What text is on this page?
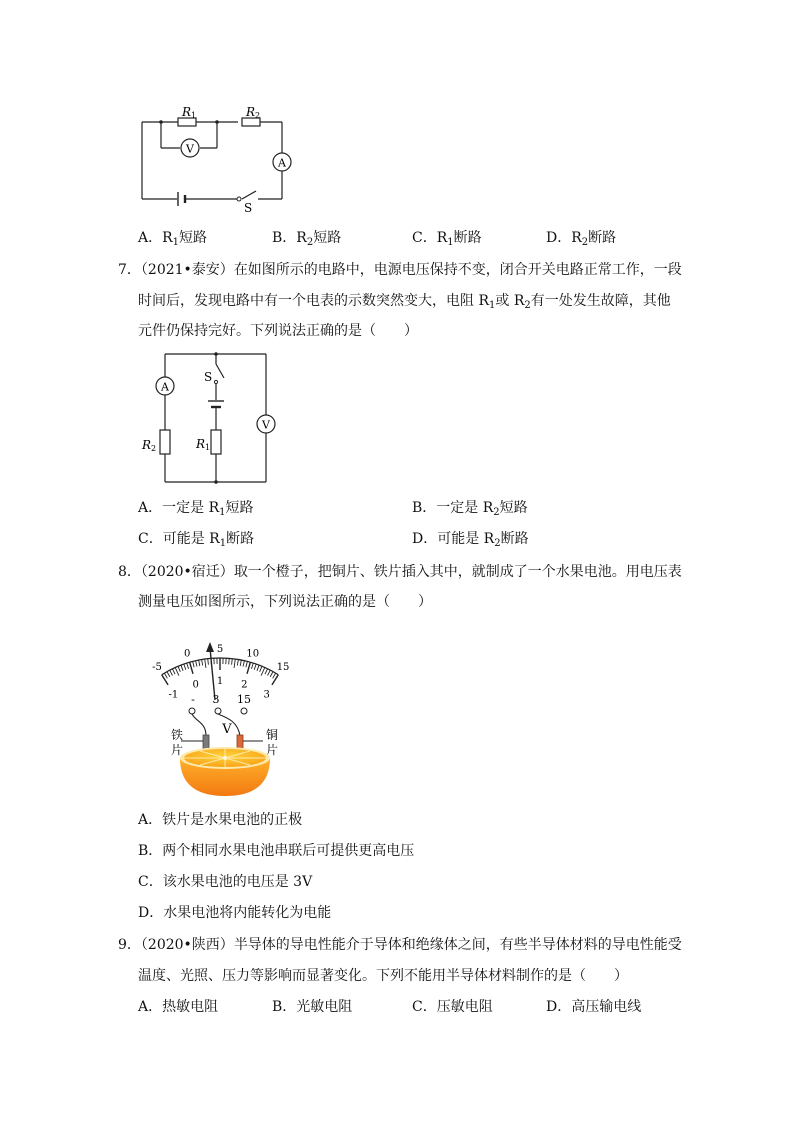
V
A
R1	R2
S
A．$R_1$短路	B．$R_2$短路	C．$R_1$断路	D．$R_2$断路
7．（2021•泰安）在如图所示的电路中，电源电压保持不变，闭合开关电路正常工作，一段
时间后，发现电路中有一个电表的示数突然变大，电阻 $R_1$或 $R_2$有一处发生故障，其他
元件仍保持完好。下列说法正确的是（　　）
A
V
S
R1
R2
A．一定是 $R_1$短路	B．一定是 $R_2$短路
C．可能是 $R_1$断路	D．可能是 $R_2$断路
8．（2020•宿迁）取一个橙子，把铜片、铁片插入其中，就制成了一个水果电池。用电压表
测量电压如图所示，下列说法正确的是（　　）
-5
0	5 10
15
-1
0 1 2
3
- 3 15
V
铁
片
铜
片
A．铁片是水果电池的正极
B．两个相同水果电池串联后可提供更高电压
C．该水果电池的电压是 3V
D．水果电池将内能转化为电能
9．（2020•陕西）半导体的导电性能介于导体和绝缘体之间，有些半导体材料的导电性能受
温度、光照、压力等影响而显著变化。下列不能用半导体材料制作的是（　　）
A．热敏电阻	B．光敏电阻	C．压敏电阻	D．高压输电线
